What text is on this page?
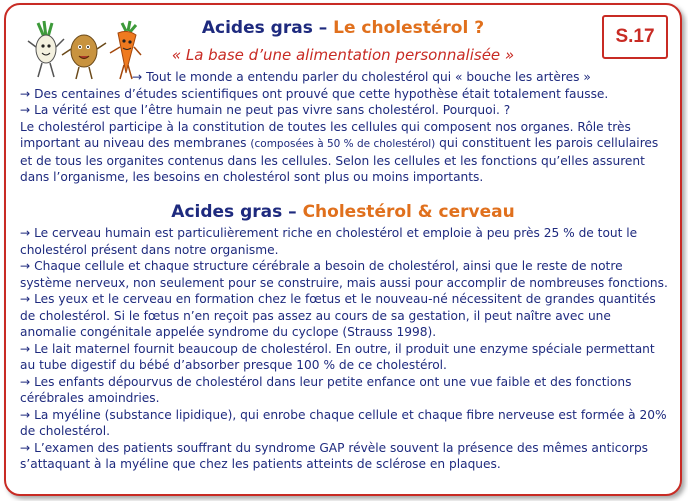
Acides gras – Le cholestérol ?	S.17
« La base d’une alimentation personnalisée »

→ Tout le monde a entendu parler du cholestérol qui « bouche les artères »

→ Des centaines d’études scientifiques ont prouvé que cette hypothèse était totalement fausse.

→ La vérité est que l’être humain ne peut pas vivre sans cholestérol. Pourquoi. ?

Le cholestérol participe à la constitution de toutes les cellules qui composent nos organes. Rôle très important au niveau des membranes (composées à 50 % de cholestérol) qui constituent les parois cellulaires et de tous les organites contenus dans les cellules. Selon les cellules et les fonctions qu’elles assurent dans l’organisme, les besoins en cholestérol sont plus ou moins importants.

Acides gras – Cholestérol & cerveau

→ Le cerveau humain est particulièrement riche en cholestérol et emploie à peu près 25 % de tout le cholestérol présent dans notre organisme.

→ Chaque cellule et chaque structure cérébrale a besoin de cholestérol, ainsi que le reste de notre système nerveux, non seulement pour se construire, mais aussi pour accomplir de nombreuses fonctions.

→ Les yeux et le cerveau en formation chez le fœtus et le nouveau-né nécessitent de grandes quantités de cholestérol. Si le fœtus n’en reçoit pas assez au cours de sa gestation, il peut naître avec une anomalie congénitale appelée syndrome du cyclope (Strauss 1998).

→ Le lait maternel fournit beaucoup de cholestérol. En outre, il produit une enzyme spéciale permettant au tube digestif du bébé d’absorber presque 100 % de ce cholestérol.

→ Les enfants dépourvus de cholestérol dans leur petite enfance ont une vue faible et des fonctions cérébrales amoindries.

→ La myéline (substance lipidique), qui enrobe chaque cellule et chaque fibre nerveuse est formée à 20% de cholestérol.

→ L’examen des patients souffrant du syndrome GAP révèle souvent la présence des mêmes anticorps s’attaquant à la myéline que chez les patients atteints de sclérose en plaques.
